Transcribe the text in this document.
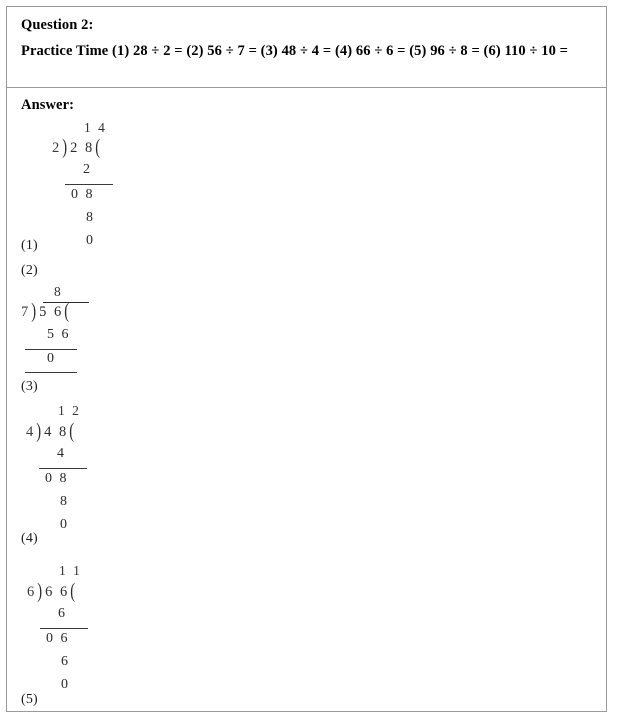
Question 2:
Practice Time (1) 28 ÷ 2 = (2) 56 ÷ 7 = (3) 48 ÷ 4 = (4) 66 ÷ 6 = (5) 96 ÷ 8 = (6) 110 ÷ 10 =
Answer:
1 4
2)2 8(
2
0 8
8
0
(1)
(2)
8
7)5 6(
5 6
0
(3)
1 2
4)4 8(
4
0 8
8
0
(4)
1 1
6)6 6(
6
0 6
6
0
(5)
